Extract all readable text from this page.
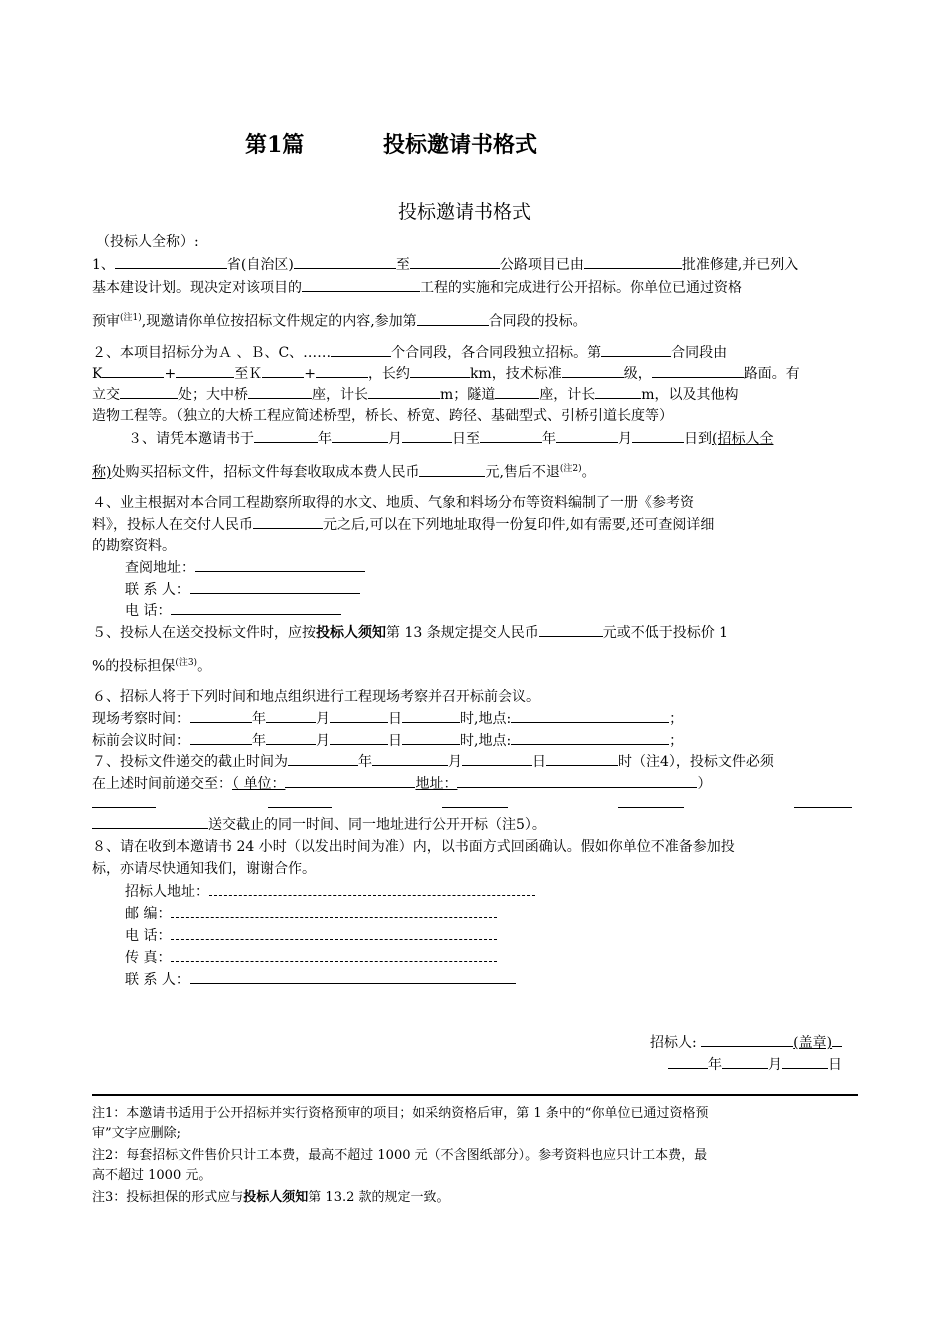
第1篇	投标邀请书格式
投标邀请书格式
（投标人全称）:
1、	省(自治区)	至	公路项目已由	批准修建,并已列入
基本建设计划。现决定对该项目的	工程的实施和完成进行公开招标。你单位已通过资格
预审$^{(注1)}$,现邀请你单位按招标文件规定的内容,参加第	合同段的投标。
２、本项目招标分为Ａ 、Ｂ、C、……	个合同段，各合同段独立招标。第	合同段由
K	+	至Ｋ	+	，长约	km，技术标准	级，	路面。有
立交	处；大中桥	座，计长	m；隧道	座，计长	m，以及其他构
造物工程等。（独立的大桥工程应简述桥型，桥长、桥宽、跨径、基础型式、引桥引道长度等）
３、请凭本邀请书于	年	月	日至	年	月	日到(招标人全
称)处购买招标文件，招标文件每套收取成本费人民币	元,售后不退$^{(注2)}$。
４、业主根据对本合同工程勘察所取得的水文、地质、气象和料场分布等资料编制了一册《参考资
料》，投标人在交付人民币	元之后,可以在下列地址取得一份复印件,如有需要,还可查阅详细
的勘察资料。
查阅地址：
联 系 人：
电 话：
５、投标人在送交投标文件时，应按投标人须知第 13 条规定提交人民币	元或不低于投标价 1
%的投标担保$^{(注3)}$。
６、招标人将于下列时间和地点组织进行工程现场考察并召开标前会议。
现场考察时间：	年	月	日	时,地点:	；
标前会议时间：	年	月	日	时,地点:	；
７、投标文件递交的截止时间为	年	月	日	时（注4），投标文件必须
在上述时间前递交至：（ 单位：	地址：	）
送交截止的同一时间、同一地址进行公开开标（注5）。
８、请在收到本邀请书 24 小时（以发出时间为准）内，以书面方式回函确认。假如你单位不准备参加投
标，亦请尽快通知我们，谢谢合作。
招标人地址：
邮 编：
电 话：
传 真：
联 系 人：
招标人:	(盖章)
年	月	日
注1：本邀请书适用于公开招标并实行资格预审的项目；如采纳资格后审，第 1 条中的“你单位已通过资格预
审”文字应删除;
注2：每套招标文件售价只计工本费，最高不超过 1000 元（不含图纸部分）。参考资料也应只计工本费，最
高不超过 1000 元。
注3：投标担保的形式应与投标人须知第 13.2 款的规定一致。
